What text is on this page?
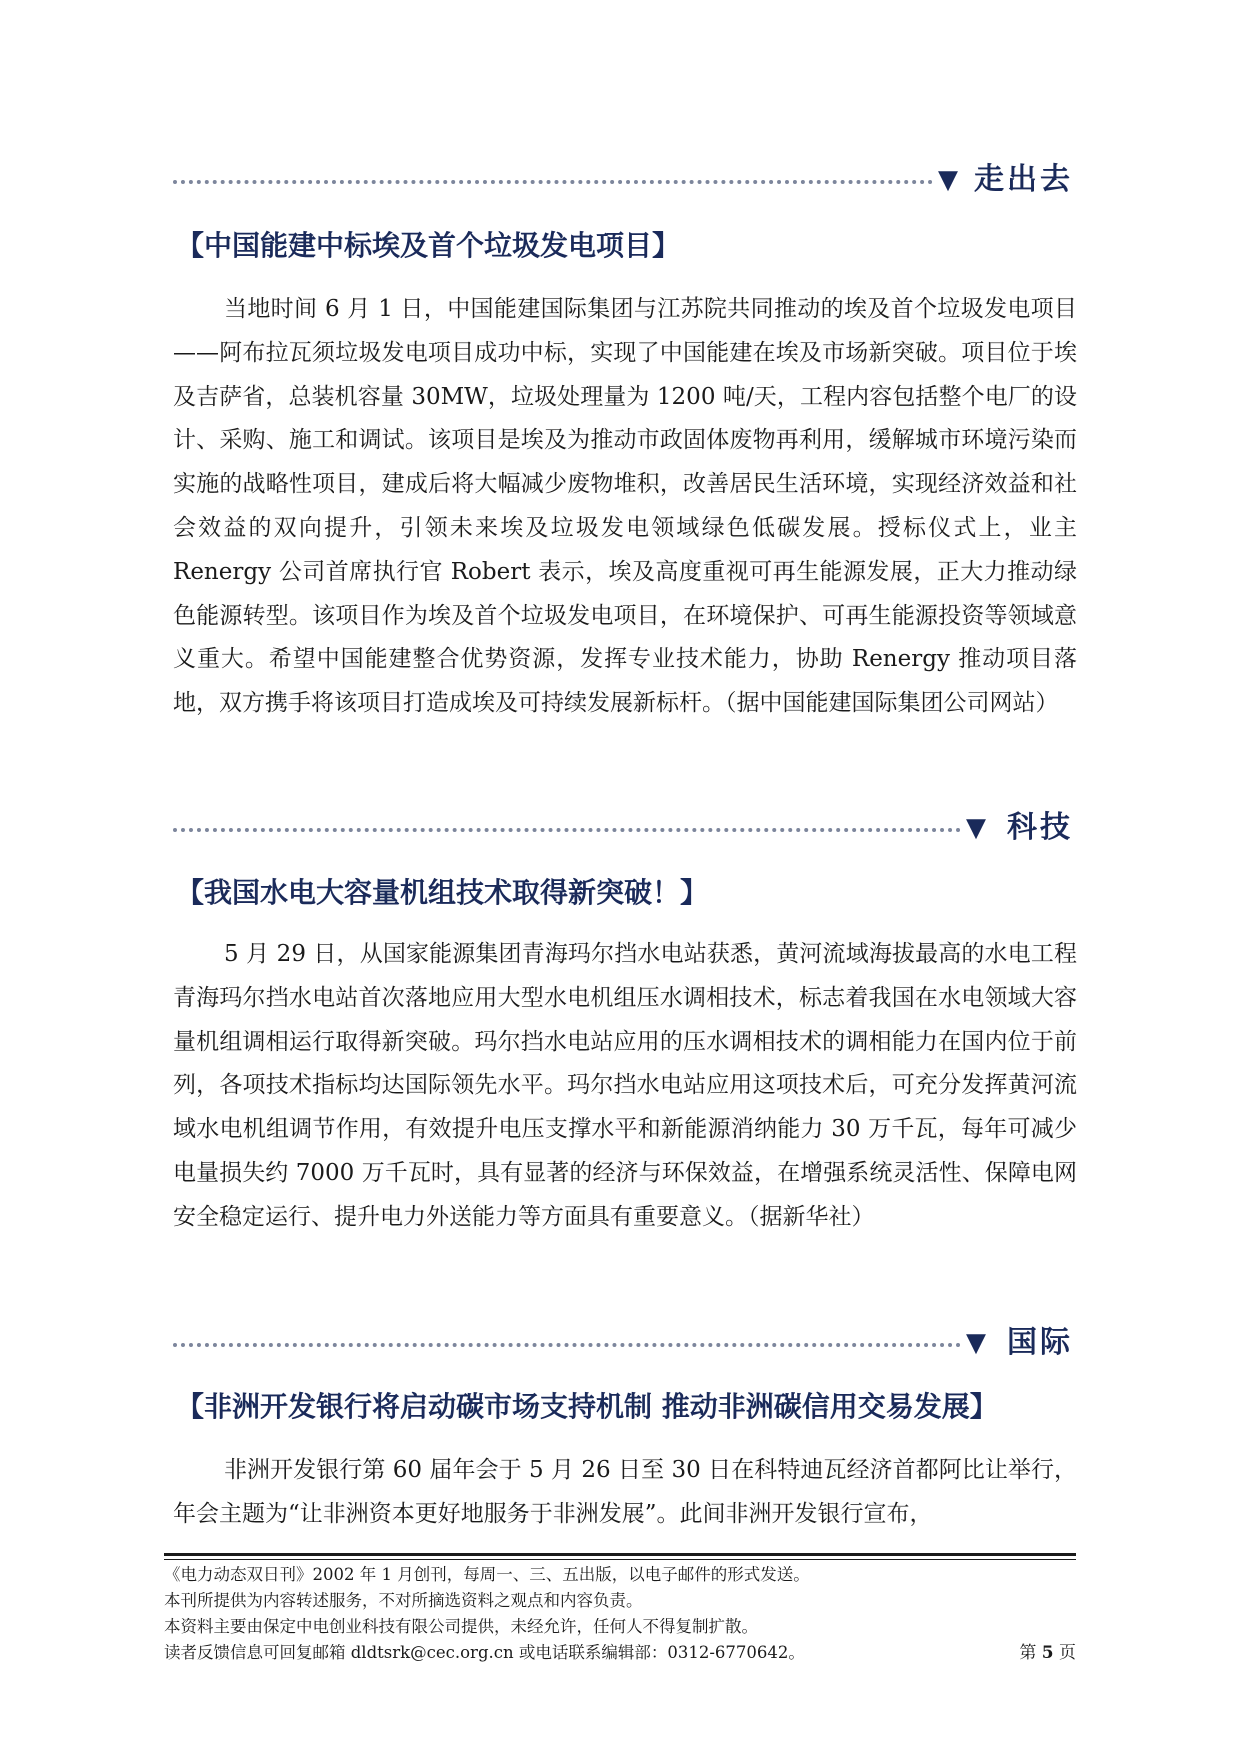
▼ 走出去
【中国能建中标埃及首个垃圾发电项目】

当地时间 6 月 1 日，中国能建国际集团与江苏院共同推动的埃及首个垃圾发电项目——阿布拉瓦须垃圾发电项目成功中标，实现了中国能建在埃及市场新突破。项目位于埃及吉萨省，总装机容量 30MW，垃圾处理量为 1200 吨/天，工程内容包括整个电厂的设计、采购、施工和调试。该项目是埃及为推动市政固体废物再利用，缓解城市环境污染而实施的战略性项目，建成后将大幅减少废物堆积，改善居民生活环境，实现经济效益和社会效益的双向提升，引领未来埃及垃圾发电领域绿色低碳发展。授标仪式上，业主 Renergy 公司首席执行官 Robert 表示，埃及高度重视可再生能源发展，正大力推动绿色能源转型。该项目作为埃及首个垃圾发电项目，在环境保护、可再生能源投资等领域意义重大。希望中国能建整合优势资源，发挥专业技术能力，协助 Renergy 推动项目落地，双方携手将该项目打造成埃及可持续发展新标杆。（据中国能建国际集团公司网站）

▼ 科技
【我国水电大容量机组技术取得新突破！】

5 月 29 日，从国家能源集团青海玛尔挡水电站获悉，黄河流域海拔最高的水电工程青海玛尔挡水电站首次落地应用大型水电机组压水调相技术，标志着我国在水电领域大容量机组调相运行取得新突破。玛尔挡水电站应用的压水调相技术的调相能力在国内位于前列，各项技术指标均达国际领先水平。玛尔挡水电站应用这项技术后，可充分发挥黄河流域水电机组调节作用，有效提升电压支撑水平和新能源消纳能力 30 万千瓦，每年可减少电量损失约 7000 万千瓦时，具有显著的经济与环保效益，在增强系统灵活性、保障电网安全稳定运行、提升电力外送能力等方面具有重要意义。（据新华社）

▼ 国际
【非洲开发银行将启动碳市场支持机制 推动非洲碳信用交易发展】

非洲开发银行第 60 届年会于 5 月 26 日至 30 日在科特迪瓦经济首都阿比让举行，年会主题为“让非洲资本更好地服务于非洲发展”。此间非洲开发银行宣布，

《电力动态双日刊》2002 年 1 月创刊，每周一、三、五出版，以电子邮件的形式发送。
本刊所提供为内容转述服务，不对所摘选资料之观点和内容负责。
本资料主要由保定中电创业科技有限公司提供，未经允许，任何人不得复制扩散。
读者反馈信息可回复邮箱 dldtsrk@cec.org.cn 或电话联系编辑部：0312-6770642。	第 5 页
